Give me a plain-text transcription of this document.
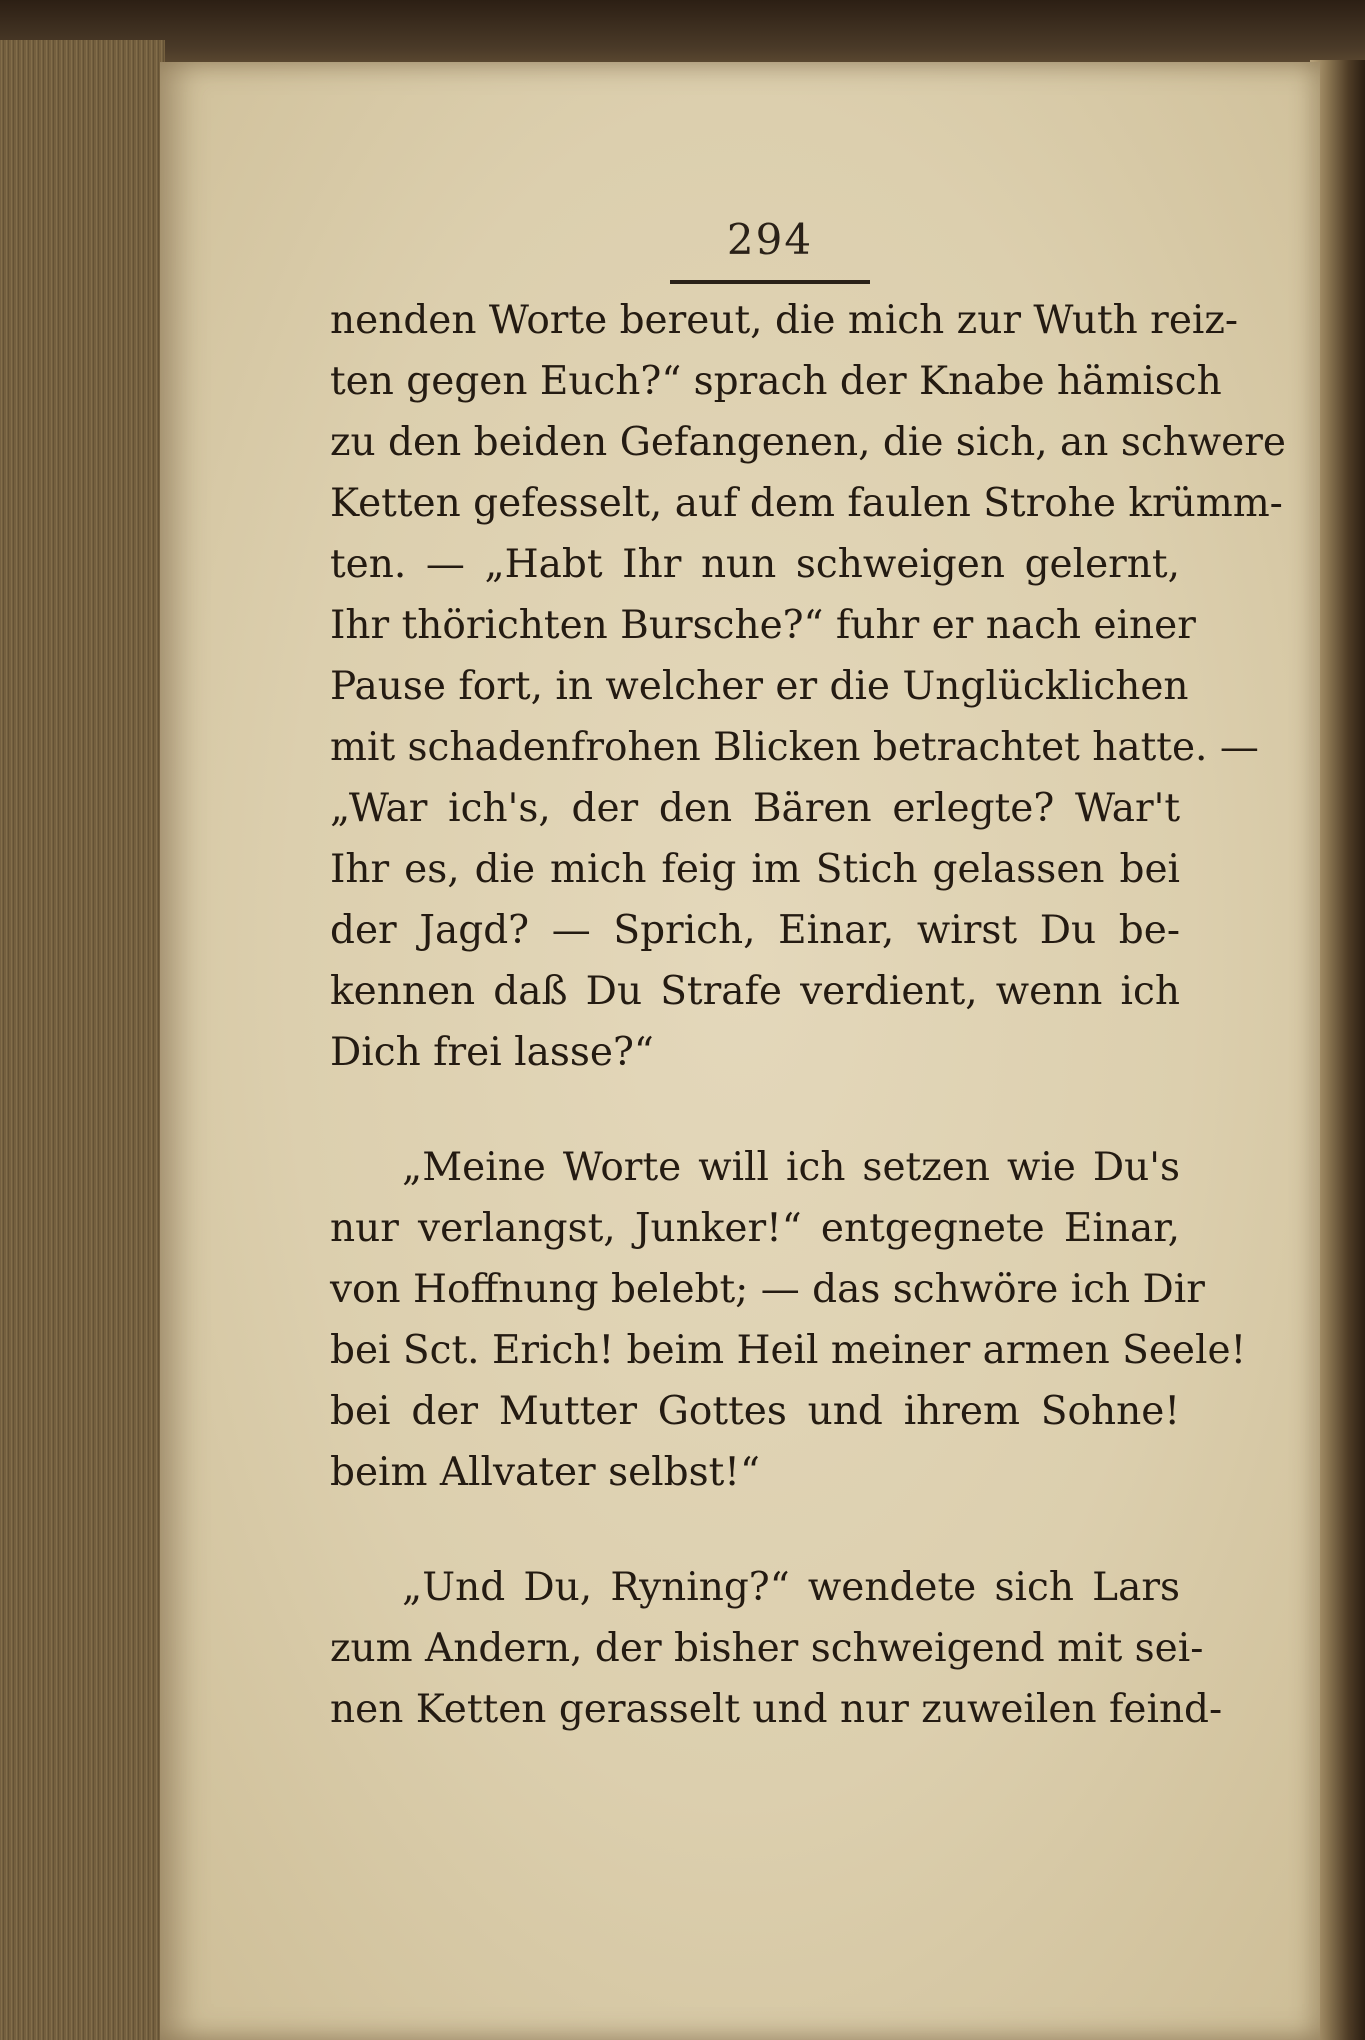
294
nenden Worte bereut, die mich zur Wuth reiz-
ten gegen Euch?“ sprach der Knabe hämisch
zu den beiden Gefangenen, die sich, an schwere
Ketten gefesselt, auf dem faulen Strohe krümm-
ten. — „Habt Ihr nun schweigen gelernt,
Ihr thörichten Bursche?“ fuhr er nach einer
Pause fort, in welcher er die Unglücklichen
mit schadenfrohen Blicken betrachtet hatte. —
„War ich's, der den Bären erlegte? War't
Ihr es, die mich feig im Stich gelassen bei
der Jagd? — Sprich, Einar, wirst Du be-
kennen daß Du Strafe verdient, wenn ich
Dich frei lasse?“
„Meine Worte will ich setzen wie Du's
nur verlangst, Junker!“ entgegnete Einar,
von Hoffnung belebt; — das schwöre ich Dir
bei Sct. Erich! beim Heil meiner armen Seele!
bei der Mutter Gottes und ihrem Sohne!
beim Allvater selbst!“
„Und Du, Ryning?“ wendete sich Lars
zum Andern, der bisher schweigend mit sei-
nen Ketten gerasselt und nur zuweilen feind-
